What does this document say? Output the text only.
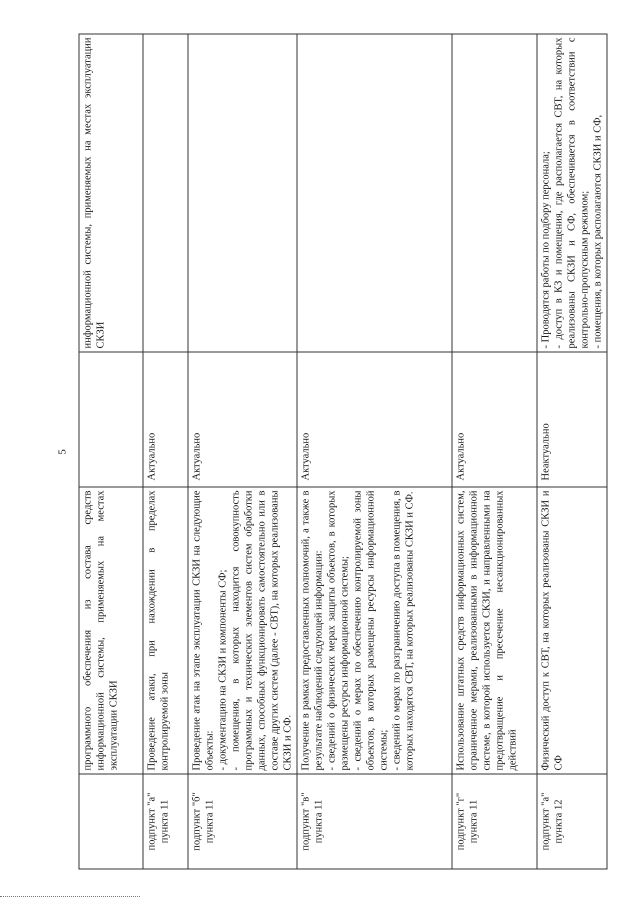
5

	программного обеспечения из состава средств информационной системы, применяемых на местах эксплуатации СКЗИ		информационной системы, применяемых на местах эксплуатации СКЗИ

подпункт "а" пункта 11	Проведение атаки, при нахождении в пределах контролируемой зоны	Актуально	
подпункт "б" пункта 11	Проведение атак на этапе эксплуатации СКЗИ на следующие объекты: - документацию на СКЗИ и компоненты СФ; - помещения, в которых находится совокупность программных и технических элементов систем обработки данных, способных функционировать самостоятельно или в составе других систем (далее - СВТ), на которых реализованы СКЗИ и СФ.	Актуально	
подпункт "в" пункта 11	Получение в рамках предоставленных полномочий, а также в результате наблюдений следующей информации: - сведений о физических мерах защиты объектов, в которых размещены ресурсы информационной системы; - сведений о мерах по обеспечению контролируемой зоны объектов, в которых размещены ресурсы информационной системы; - сведений о мерах по разграничению доступа в помещения, в которых находятся СВТ, на которых реализованы СКЗИ и СФ.	Актуально	
подпункт "г" пункта 11	Использование штатных средств информационных систем, ограниченное мерами, реализованными в информационной системе, в которой используется СКЗИ, и направленными на предотвращение и пресечение несанкционированных действий	Актуально	
подпункт "а" пункта 12	Физический доступ к СВТ, на которых реализованы СКЗИ и СФ	Неактуально	- Проводятся работы по подбору персонала; - доступ в КЗ и помещения, где располагается СВТ, на которых реализованы СКЗИ и СФ, обеспечивается в соответствии с контрольно-пропускным режимом; - помещения, в которых располагаются СКЗИ и СФ,
